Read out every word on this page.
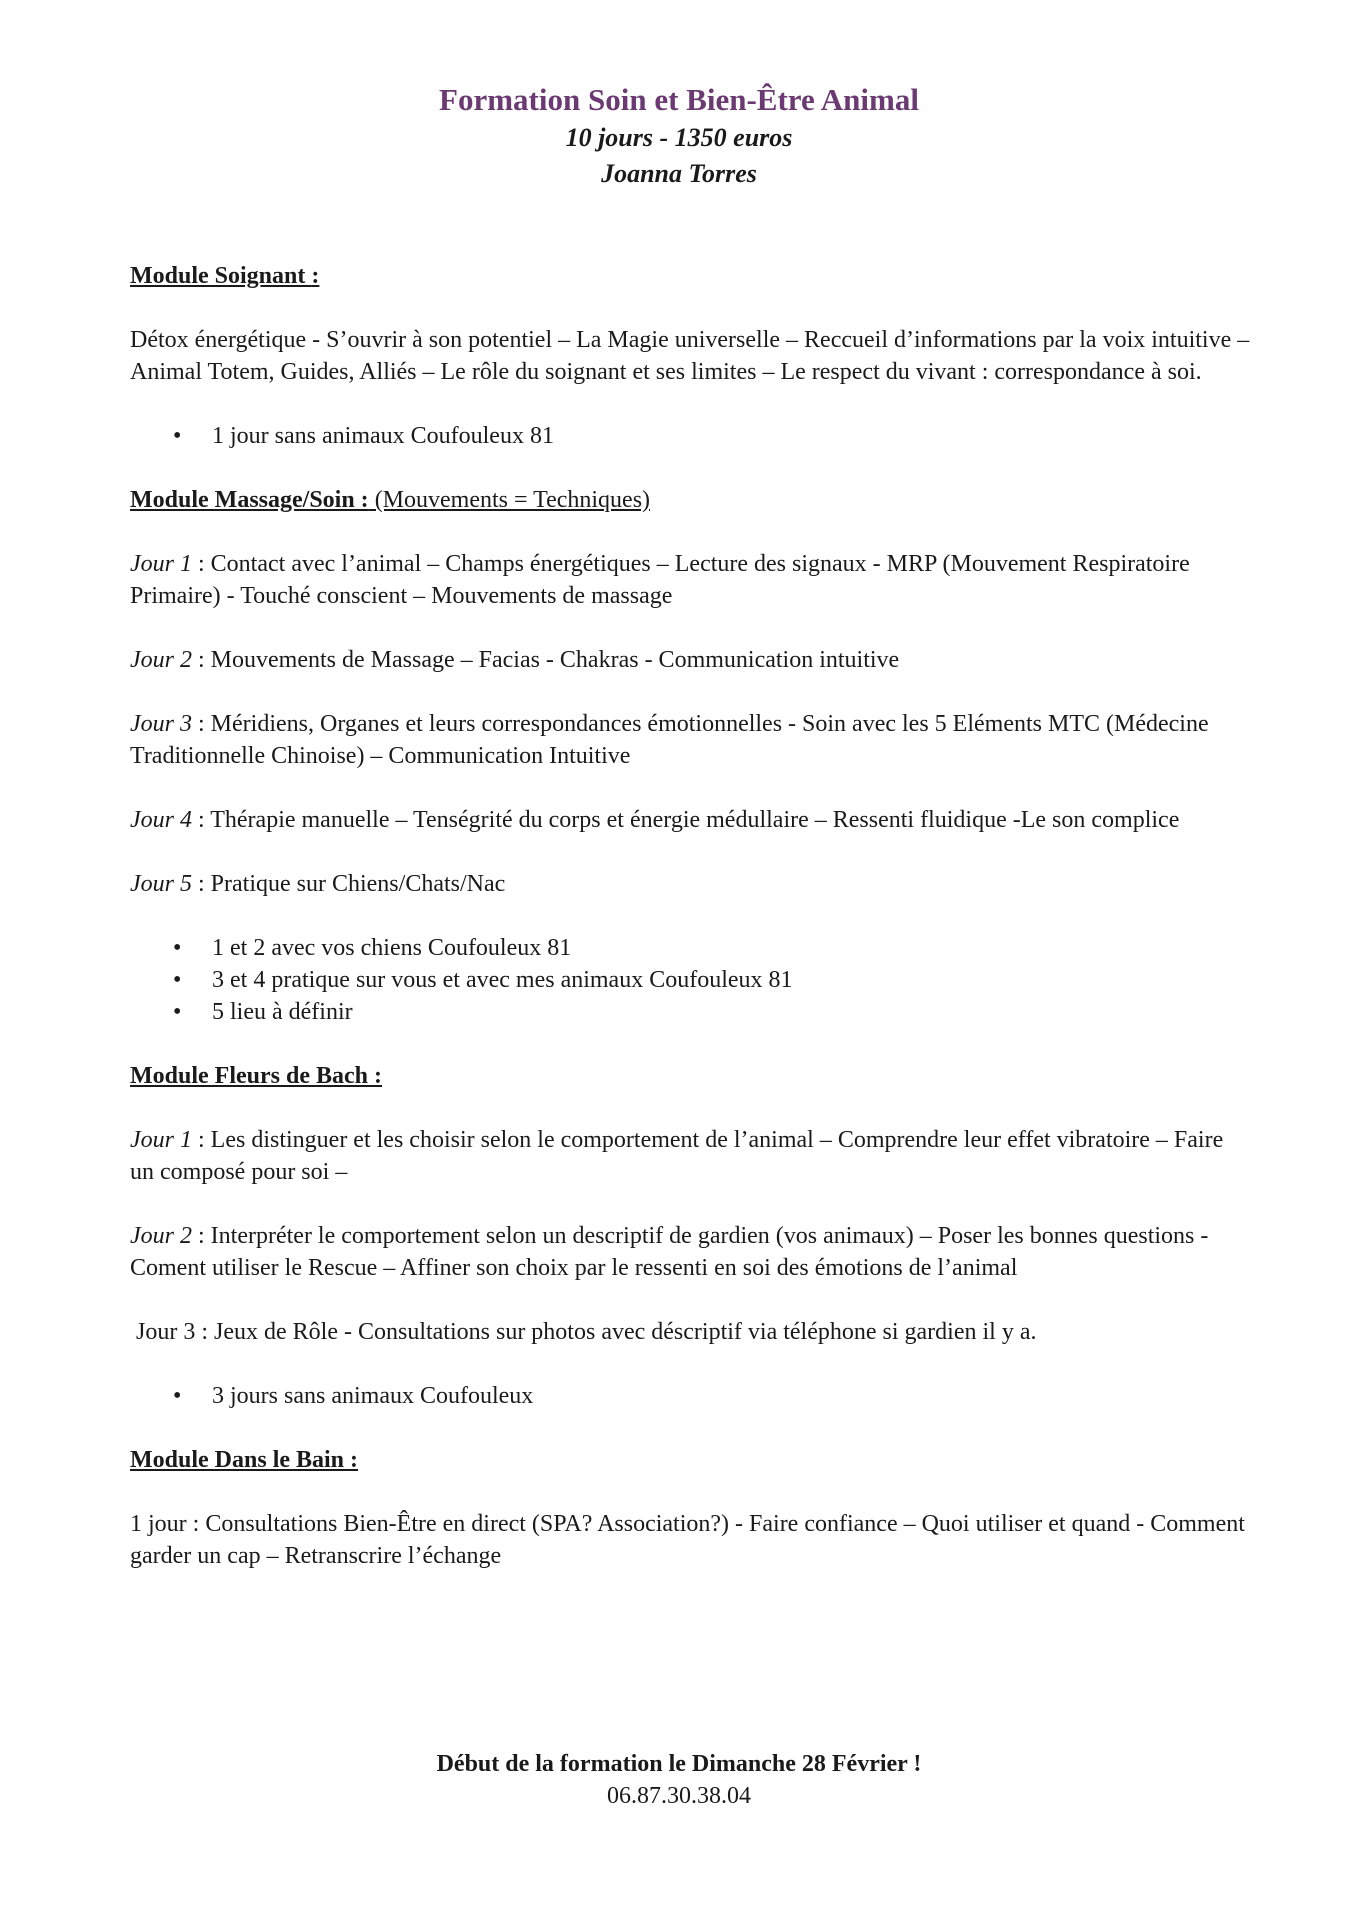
Formation Soin et Bien-Être Animal
10 jours - 1350 euros
Joanna Torres
Module Soignant :

Détox énergétique - S’ouvrir à son potentiel – La Magie universelle – Reccueil d’informations par la voix intuitive – Animal Totem, Guides, Alliés – Le rôle du soignant et ses limites – Le respect du vivant : correspondance à soi.

• 1 jour sans animaux Coufouleux 81
Module Massage/Soin : (Mouvements = Techniques)

Jour 1 : Contact avec l’animal – Champs énergétiques – Lecture des signaux - MRP (Mouvement Respiratoire Primaire) - Touché conscient – Mouvements de massage

Jour 2 : Mouvements de Massage – Facias - Chakras - Communication intuitive

Jour 3 : Méridiens, Organes et leurs correspondances émotionnelles - Soin avec les 5 Eléments MTC (Médecine Traditionnelle Chinoise) – Communication Intuitive

Jour 4 : Thérapie manuelle – Tenségrité du corps et énergie médullaire – Ressenti fluidique -Le son complice

Jour 5 : Pratique sur Chiens/Chats/Nac

• 1 et 2 avec vos chiens Coufouleux 81
• 3 et 4 pratique sur vous et avec mes animaux Coufouleux 81
• 5 lieu à définir
Module Fleurs de Bach :

Jour 1 : Les distinguer et les choisir selon le comportement de l’animal – Comprendre leur effet vibratoire – Faire un composé pour soi –

Jour 2 : Interpréter le comportement selon un descriptif de gardien (vos animaux) – Poser les bonnes questions - Coment utiliser le Rescue – Affiner son choix par le ressenti en soi des émotions de l’animal

Jour 3 : Jeux de Rôle - Consultations sur photos avec déscriptif via téléphone si gardien il y a.

• 3 jours sans animaux Coufouleux
Module Dans le Bain :

1 jour : Consultations Bien-Être en direct (SPA? Association?) - Faire confiance – Quoi utiliser et quand - Comment garder un cap – Retranscrire l’échange

Début de la formation le Dimanche 28 Février !
06.87.30.38.04
